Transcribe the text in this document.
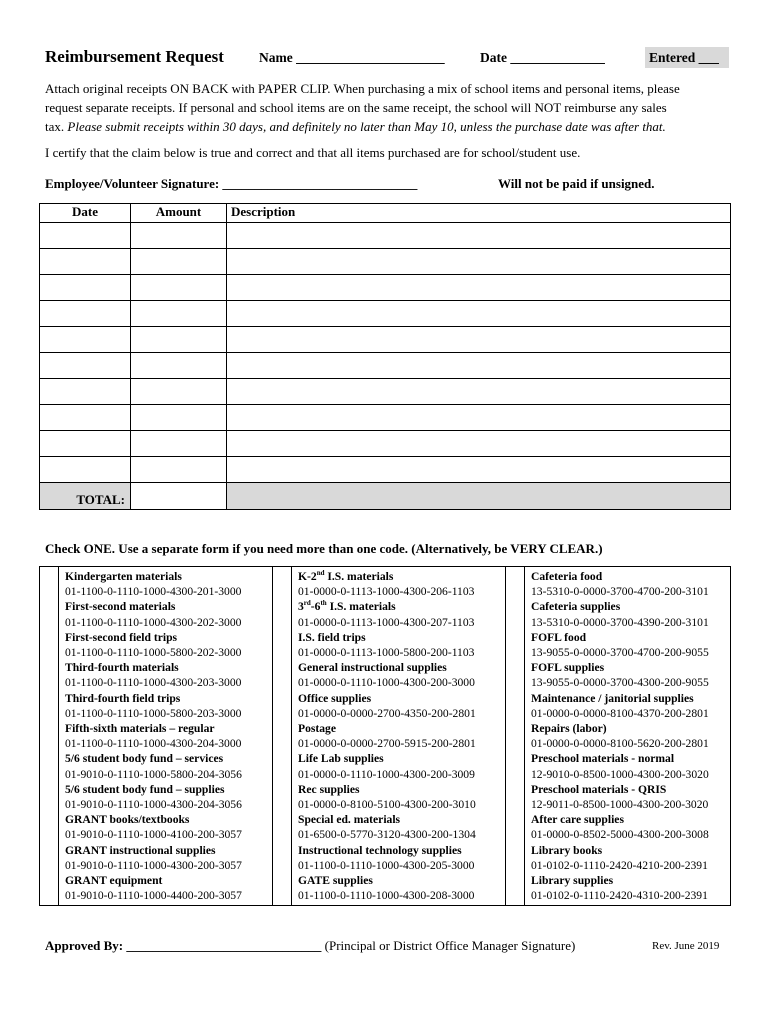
Reimbursement Request	Name ______________________	Date ______________	Entered ___
Attach original receipts ON BACK with PAPER CLIP. When purchasing a mix of school items and personal items, please
request separate receipts. If personal and school items are on the same receipt, the school will NOT reimburse any sales
tax. Please submit receipts within 30 days, and definitely no later than May 10, unless the purchase date was after that.
I certify that the claim below is true and correct and that all items purchased are for school/student use.
Employee/Volunteer Signature: ______________________________	Will not be paid if unsigned.
Date	Amount	Description

TOTAL:		
Check ONE. Use a separate form if you need more than one code. (Alternatively, be VERY CLEAR.)

Kindergarten materials
01-1100-0-1110-1000-4300-201-3000
First-second materials
01-1100-0-1110-1000-4300-202-3000
First-second field trips
01-1100-0-1110-1000-5800-202-3000
Third-fourth materials
01-1100-0-1110-1000-4300-203-3000
Third-fourth field trips
01-1100-0-1110-1000-5800-203-3000
Fifth-sixth materials – regular
01-1100-0-1110-1000-4300-204-3000
5/6 student body fund – services
01-9010-0-1110-1000-5800-204-3056
5/6 student body fund – supplies
01-9010-0-1110-1000-4300-204-3056
GRANT books/textbooks
01-9010-0-1110-1000-4100-200-3057
GRANT instructional supplies
01-9010-0-1110-1000-4300-200-3057
GRANT equipment
01-9010-0-1110-1000-4400-200-3057

K-2nd I.S. materials
01-0000-0-1113-1000-4300-206-1103
3rd-6th I.S. materials
01-0000-0-1113-1000-4300-207-1103
I.S. field trips
01-0000-0-1113-1000-5800-200-1103
General instructional supplies
01-0000-0-1110-1000-4300-200-3000
Office supplies
01-0000-0-0000-2700-4350-200-2801
Postage
01-0000-0-0000-2700-5915-200-2801
Life Lab supplies
01-0000-0-1110-1000-4300-200-3009
Rec supplies
01-0000-0-8100-5100-4300-200-3010
Special ed. materials
01-6500-0-5770-3120-4300-200-1304
Instructional technology supplies
01-1100-0-1110-1000-4300-205-3000
GATE supplies
01-1100-0-1110-1000-4300-208-3000

Cafeteria food
13-5310-0-0000-3700-4700-200-3101
Cafeteria supplies
13-5310-0-0000-3700-4390-200-3101
FOFL food
13-9055-0-0000-3700-4700-200-9055
FOFL supplies
13-9055-0-0000-3700-4300-200-9055
Maintenance / janitorial supplies
01-0000-0-0000-8100-4370-200-2801
Repairs (labor)
01-0000-0-0000-8100-5620-200-2801
Preschool materials - normal
12-9010-0-8500-1000-4300-200-3020
Preschool materials - QRIS
12-9011-0-8500-1000-4300-200-3020
After care supplies
01-0000-0-8502-5000-4300-200-3008
Library books
01-0102-0-1110-2420-4210-200-2391
Library supplies
01-0102-0-1110-2420-4310-200-2391
Approved By: ______________________________ (Principal or District Office Manager Signature)	Rev. June 2019
